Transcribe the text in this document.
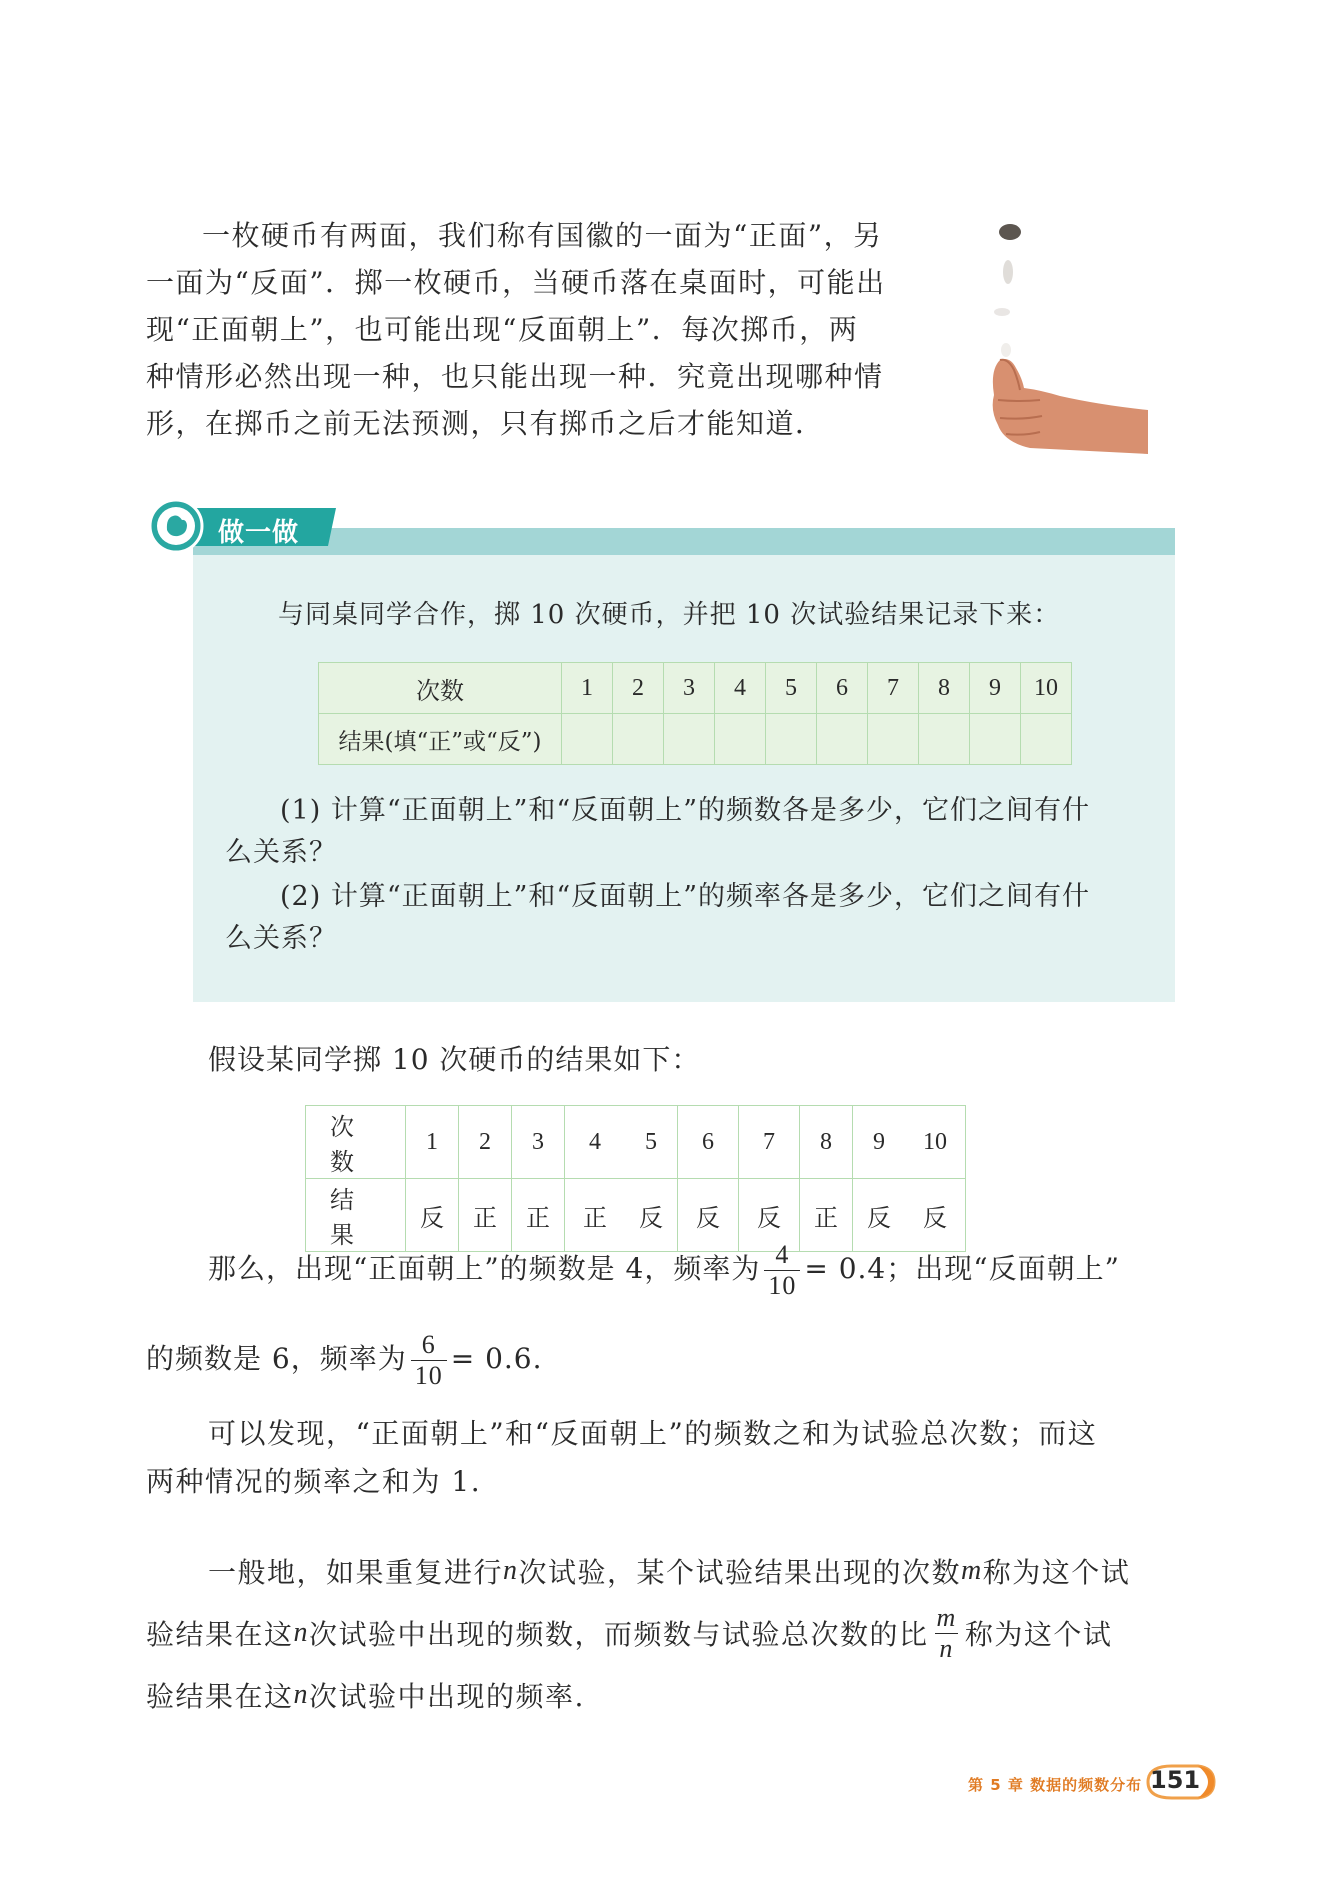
一枚硬币有两面，我们称有国徽的一面为“正面”，另

一面为“反面”．掷一枚硬币，当硬币落在桌面时，可能出

现“正面朝上”，也可能出现“反面朝上”．每次掷币，两

种情形必然出现一种，也只能出现一种．究竟出现哪种情

形，在掷币之前无法预测，只有掷币之后才能知道．

做一做
与同桌同学合作，掷 10 次硬币，并把 10 次试验结果记录下来：
次数	1	2	3	4	5	6	7	8	9	10
结果(填“正”或“反”)										
(1) 计算“正面朝上”和“反面朝上”的频数各是多少，它们之间有什
么关系？
(2) 计算“正面朝上”和“反面朝上”的频率各是多少，它们之间有什
么关系？
假设某同学掷 10 次硬币的结果如下：
次 数	1	2	3	4	5	6	7	8	9	10
结 果	反	正	正	正	反	反	反	正	反	反
那么，出现“正面朝上”的频数是 4，频率为 $\frac{4}{10} = 0.4$；出现“反面朝上”
的频数是 6，频率为 $\frac{6}{10} = 0.6$.

可以发现，“正面朝上”和“反面朝上”的频数之和为试验总次数；而这

两种情况的频率之和为 1.

一般地，如果重复进行 n 次试验，某个试验结果出现的次数 m 称为这个试
验结果在这 n 次试验中出现的频数，而频数与试验总次数的比 $\frac{m}{n}$ 称为这个试
验结果在这 n 次试验中出现的频率.
第 5 章 数据的频数分布 151
